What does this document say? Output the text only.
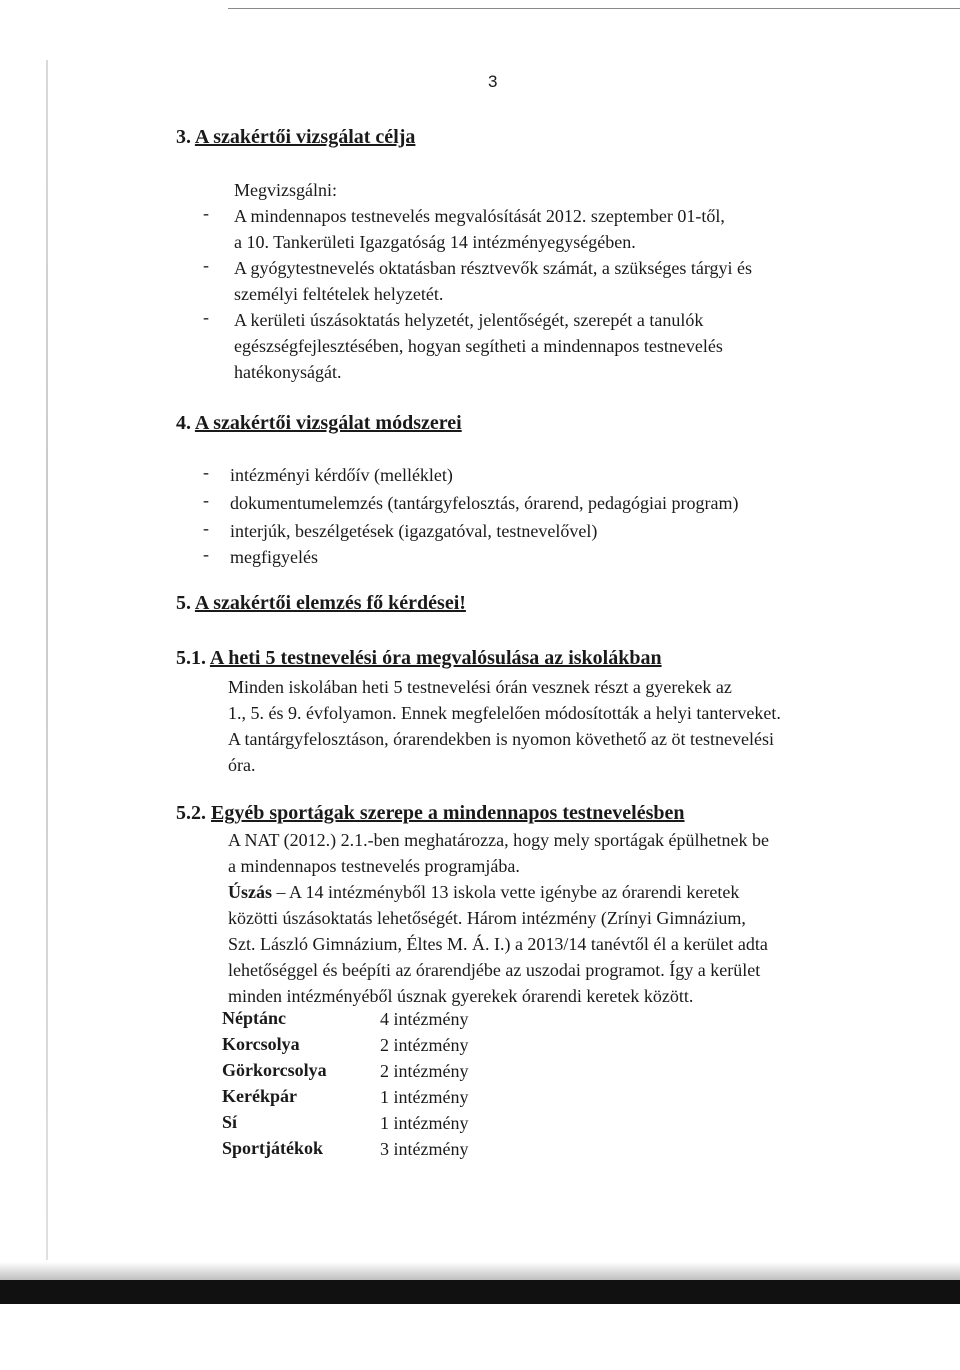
3
3. A szakértői vizsgálat célja
Megvizsgálni:
- A mindennapos testnevelés megvalósítását 2012. szeptember 01-től,
a 10. Tankerületi Igazgatóság 14 intézményegységében.
- A gyógytestnevelés oktatásban résztvevők számát, a szükséges tárgyi és
személyi feltételek helyzetét.
- A kerületi úszásoktatás helyzetét, jelentőségét, szerepét a tanulók
egészségfejlesztésében, hogyan segítheti a mindennapos testnevelés
hatékonyságát.
4. A szakértői vizsgálat módszerei
- intézményi kérdőív (melléklet)
- dokumentumelemzés (tantárgyfelosztás, órarend, pedagógiai program)
- interjúk, beszélgetések (igazgatóval, testnevelővel)
- megfigyelés
5. A szakértői elemzés fő kérdései!
5.1. A heti 5 testnevelési óra megvalósulása az iskolákban
Minden iskolában heti 5 testnevelési órán vesznek részt a gyerekek az
1., 5. és 9. évfolyamon. Ennek megfelelően módosították a helyi tanterveket.
A tantárgyfelosztáson, órarendekben is nyomon követhető az öt testnevelési
óra.
5.2. Egyéb sportágak szerepe a mindennapos testnevelésben
A NAT (2012.) 2.1.-ben meghatározza, hogy mely sportágak épülhetnek be
a mindennapos testnevelés programjába.
Úszás – A 14 intézményből 13 iskola vette igénybe az órarendi keretek
közötti úszásoktatás lehetőségét. Három intézmény (Zrínyi Gimnázium,
Szt. László Gimnázium, Éltes M. Á. I.) a 2013/14 tanévtől él a kerület adta
lehetőséggel és beépíti az órarendjébe az uszodai programot. Így a kerület
minden intézményéből úsznak gyerekek órarendi keretek között.
Néptánc	4 intézmény
Korcsolya	2 intézmény
Görkorcsolya	2 intézmény
Kerékpár	1 intézmény
Sí	1 intézmény
Sportjátékok	3 intézmény
